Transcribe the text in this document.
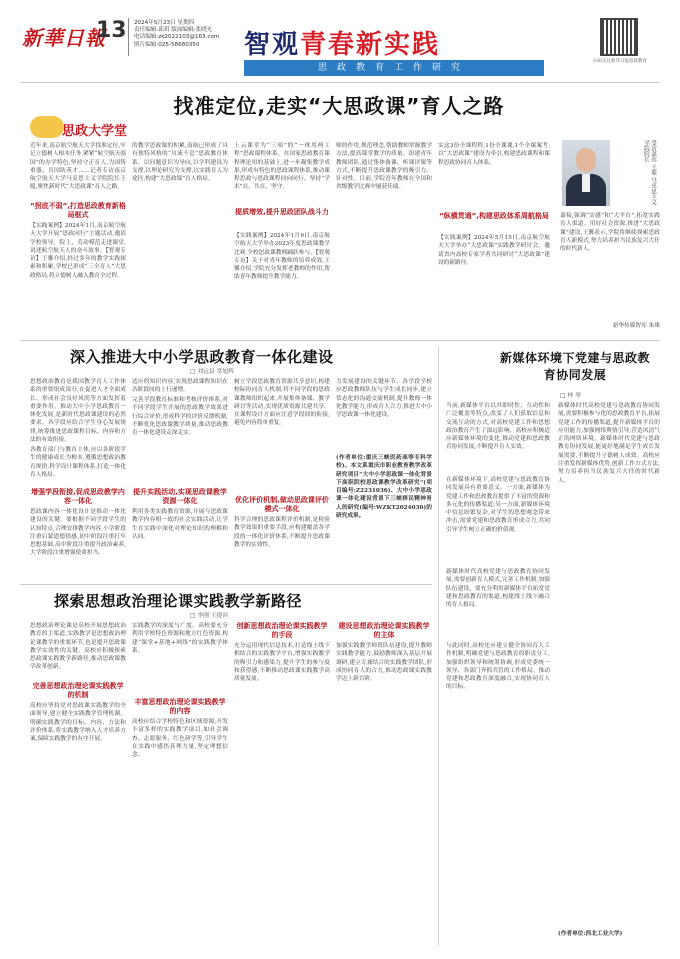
新華日報
13 2024年5月23日 星期四
责任编辑:邱玥 版面编辑:张晓光
电话编辑:zk2022103@163.com
照片编辑:025-58680350	智观青春新实践
思政教育工作研究
扫码关注新华日报思政教育
找准定位,走实“大思政课”育人之路
思政大学堂
近年来,南京航空航天大学找准定位,牢记立德树人根本任务,紧紧“航空航天强国”的办学特色,坚持守正育人,为国铸重器、育国防英才……记者专访南京航空航天大学马克思主义学院院长王聪,聚焦新时代“大思政课”育人之路。
“拐底不弱”,打造思政教育新格局框式
【实践案例】2024年1月,南京航空航天大学开展“思政同行”主题活动,邀请学校领导、院士、劳动模范走进课堂,讲述航空航天人的奋斗故事。【智观专访】王馨介绍,经过多年的教学实践探索和积累,学校已形成“三全育人”大思政格局,将立德树人融入教育全过程。
的教学思政课的积累,南航已形成了具有独特风格的“川流不息”思政教育体系。以问题意识为导向,以学科建设为支撑,以理论研究为支撑,以实践育人为途径,构建“大思政课”育人格局。
上云课堂为“三项”的“一体用两工程”思政课程体系。在国家思政教育课程理论用的基础上,进一步凝集教学成果,形成有特色的思政课程体系,推动课程思政与思政课程同向同行。坚持“学术”在、共在、坚守。
提质增效,提升思政团队战斗力
【实践案例】2024年1月9日,南京航空航天大学举办2023年度思政课教学比赛,全校思政课教师踊跃参与。【智观专访】关于对青年教师的培养成效,王馨介绍,学院充分发挥老教师的作用,帮助青年教师提升教学能力。
师的作用,规范理念,帮助教师掌握教学方法,提高课堂教学的质量。组建青年教师团队,通过集体备课、听课评课等方式,不断提升思政课教学的吸引力、针对性。目前,学院青年教师在全国和省级教学比赛中屡获佳绩。
实这3份全课程程,1份全课课,1个全课案考,以“大思政课”建设为牵引,构建思政课程和课程思政协同育人体系。
“纵横贯通”,构建思政体系周航格局
【实践案例】2024年5月15日,南京航空航天大学举办“大思政课”实践教学研讨会。邀请省内高校专家学者共同研讨“大思政课”建设的新路径。
受访嘉宾 王聪 马克思主义学院院长
嘉接,强调“实感”和“大平台”,拓宽实践育人渠道。用好社会资源,推进“大思政课”建设,王馨表示,学院将继续探索思政育人新模式,努力培养担当民族复兴大任的时代新人。
新华传媒智库 朱珠
深入推进大中小学思政教育一体化建设
□ 刘远县 常旭辉
思想政治教育是我国教学育人工作体系的重要组成部分,在促进人才全面成长、形成社会良好风尚等方面发挥着重要作用。推动大中小学思政教育一体化发展,是新时代思政课建设的必然要求。各学段应结合学生身心发展规律,统筹推进思政课程目标、内容和方法的有效衔接。
各教育部门与教育主体,应以各阶段学生的健康成长为根本,遵循思想政治教育规律,科学设计课程体系,打造一体化育人格局。
增强学段衔接,促成思政教学内容一体化
思政课内容一体化设计是推动一体化建设的关键。要根据不同学段学生的认知特点,合理安排教学内容,小学阶段注重启蒙道德情感,初中阶段注重打牢思想基础,高中阶段注重提升政治素养,大学阶段注重增强使命担当。
适应的知识内容,实现思政课程知识在各阶段间的上行递增。
完善学段教育标准和考核评价体系,对不同学段学生开展的思政教学效果进行综合评价,形成科学的评价反馈机制,不断优化思政课教学质量,推动思政教育一体化建设走深走实。
提升实践活动,实现思政课教学资源一体化
利用各类实践教育资源,开展与思政课教学内容相一致的社会实践活动,让学生在实践中深化对理论知识的理解和认同。
树立学段思政教育资源共享意识,构建校际协同育人机制,将不同学段的思政课教师组织起来,开展集体备课、教学研讨等活动,实现优质资源共建共享。在课程设计方面应注意学段间的衔接,避免内容简单重复。
优化评价机制,做动思政课评价模式一体化
科学合理的思政课程评价机制,是检验教学效果的重要手段,应构建覆盖各学段的一体化评价体系,不断提升思政课教学的实效性。
力发展建设的关键环节。各学段学校应思政教师队伍与学生成长同步,建立常态化的沟通交流机制,提升教师一体化教学能力,形成育人合力,推进大中小学思政课一体化建设。
(作者单位:重庆三峡医药高等专科学校)。本文系重庆市职业教育教学改革研究项目“大中小学思政课一体化背景下高职院校思政课教学改革研究”(项目编号:Z2231036)、大中小学思政课一体化建设背景下三峡移民精神育人的研究(编号:WZKT2024036)的研究成果。
新媒体环境下党建与思政教育协同发展
□ 林 琴
当前,新媒体平台以其即时性、互动性和广泛覆盖等特点,改变了人们获取信息和交流互动的方式,对高校党建工作和思想政治教育产生了深远影响。高校应积极适应新媒体环境的变化,推动党建和思政教育协同发展,不断提升育人实效。
在新媒体环境下,高校党建与思政教育协同发展具有重要意义。一方面,新媒体为党建工作和思政教育提供了丰富的资源和多元化的传播渠道;另一方面,新媒体环境中信息纷繁复杂,对学生的思想观念带来冲击,需要党建和思政教育形成合力,共同引导学生树立正确的价值观。
新媒体时代高校党建与思政教育协同发展,需要创新育人模式,完善工作机制,加强队伍建设。要充分利用新媒体平台拓宽党建和思政教育的渠道,构建线上线下融合的育人格局。
与此同时,高校还应建立健全协同育人工作机制,明确党建与思政教育的职责分工,加强组织领导和统筹协调,形成党委统一领导、各部门齐抓共管的工作格局。推动党建和思政教育深度融合,实现协同育人的目标。
新媒体时代高校党建与思政教育协同发展,需要积极参与化的思政教育平台,拓展党建工作的传播渠道,提升新媒体平台的应用能力,加强网络舆情引导,营造风清气正的网络环境。新媒体时代党建与思政教育协同发展,能更好地满足学生成长发展需要,不断提升立德树人成效。高校应注重发挥新媒体优势,创新工作方式方法,努力培养担当民族复兴大任的时代新人。
(作者单位:西北工业大学)
探索思想政治理论课实践教学新路径
□ 李刚 王提滨
思想政治理论课是高校开展思想政治教育的主渠道,实践教学是思想政治理论课教学的重要环节,也是提升思政课教学实效性的关键。高校应积极探索思政课实践教学新路径,推动思政课教学改革创新。
完善思想政治理论课实践教学的机制
高校应坚持党对思政课实践教学的全面领导,建立健全实践教学管理机制。明确实践教学的目标、内容、方法和评价体系,将实践教学纳入人才培养方案,保障实践教学的有序开展。
实践教学的深度与广度。高校要充分利用学校特色资源和地方红色资源,构建“课堂+基地+网络”的实践教学体系。
丰富思想政治理论课实践教学的内容
高校应结合学校特色和区域资源,开发丰富多样的实践教学项目,如社会调查、志愿服务、红色研学等,引导学生在实践中感悟真理力量,坚定理想信念。
创新思想政治理论课实践教学的手段
充分运用现代信息技术,打造线上线下相结合的实践教学平台,增强实践教学的吸引力和感染力,提升学生的参与度和获得感,不断推动思政课实践教学高质量发展。
建设思想政治理论课实践教学的主体
加强实践教学师资队伍建设,提升教师实践教学能力,鼓励教师深入基层开展调研,建立专兼结合的实践教学团队,形成协同育人的合力,推动思政课实践教学迈上新台阶。
